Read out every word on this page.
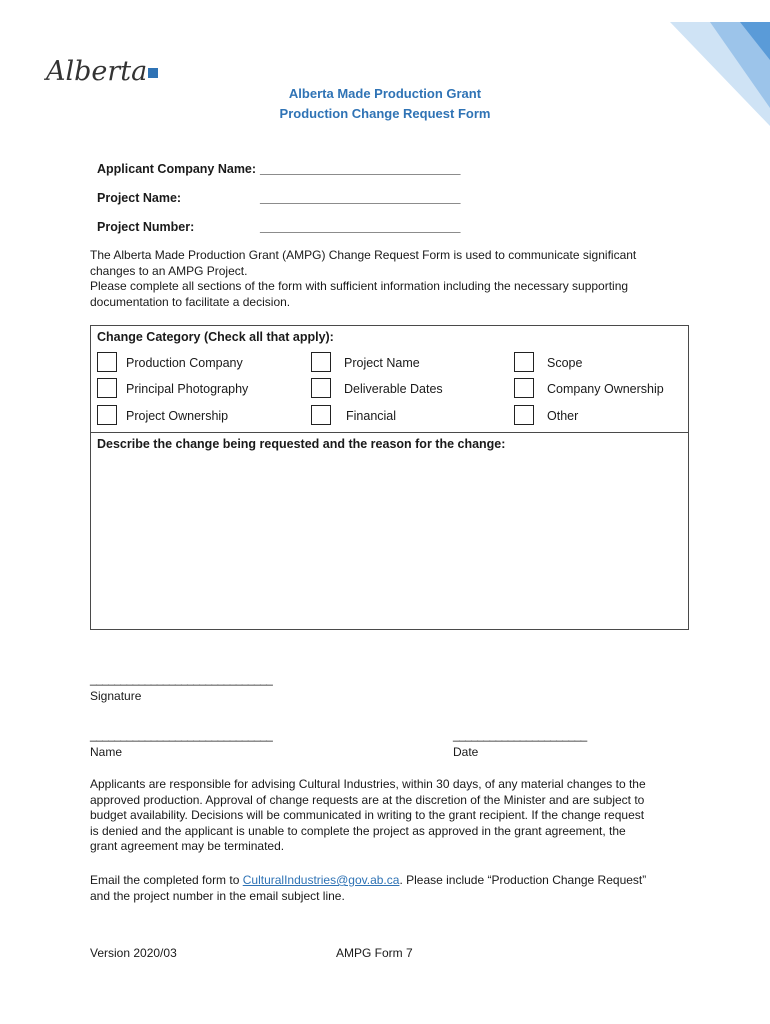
Alberta
Alberta Made Production Grant
Production Change Request Form
Applicant Company Name: _______________________________
Project Name:	_______________________________
Project Number:	_______________________________
The Alberta Made Production Grant (AMPG) Change Request Form is used to communicate significant
changes to an AMPG Project.
Please complete all sections of the form with sufficient information including the necessary supporting
documentation to facilitate a decision.
Change Category (Check all that apply):
Production Company	Project Name	Scope
Principal Photography	Deliverable Dates	Company Ownership
Project Ownership	Financial	Other
Describe the change being requested and the reason for the change:
______________________________
Signature
______________________________
Name
______________________
Date
Applicants are responsible for advising Cultural Industries, within 30 days, of any material changes to the
approved production. Approval of change requests are at the discretion of the Minister and are subject to
budget availability. Decisions will be communicated in writing to the grant recipient. If the change request
is denied and the applicant is unable to complete the project as approved in the grant agreement, the
grant agreement may be terminated.
Email the completed form to CulturalIndustries@gov.ab.ca. Please include “Production Change Request”
and the project number in the email subject line.
Version 2020/03	AMPG Form 7
